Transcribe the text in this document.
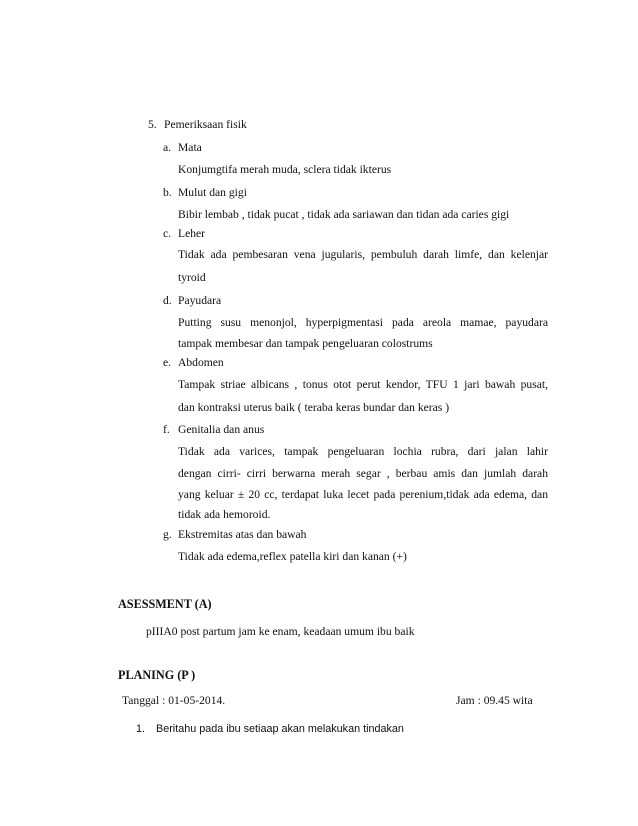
5. Pemeriksaan fisik
a. Mata
Konjumgtifa merah muda, sclera tidak ikterus
b. Mulut dan gigi
Bibir lembab , tidak pucat , tidak ada sariawan dan tidan ada caries gigi
c. Leher
Tidak ada pembesaran vena jugularis, pembuluh darah limfe, dan kelenjar
tyroid
d. Payudara
Putting susu menonjol, hyperpigmentasi pada areola mamae, payudara
tampak membesar dan tampak pengeluaran colostrums
e. Abdomen
Tampak striae albicans , tonus otot perut kendor, TFU 1 jari bawah pusat,
dan kontraksi uterus baik ( teraba keras bundar dan keras )
f. Genitalia dan anus
Tidak ada varices, tampak pengeluaran lochia rubra, dari jalan lahir
dengan cirri- cirri berwarna merah segar , berbau amis dan jumlah darah
yang keluar ± 20 cc, terdapat luka lecet pada perenium,tidak ada edema, dan
tidak ada hemoroid.
g. Ekstremitas atas dan bawah
Tidak ada edema,reflex patella kiri dan kanan (+)
ASESSMENT (A)
pIIIA0 post partum jam ke enam, keadaan umum ibu baik
PLANING (P )
Tanggal : 01-05-2014.	Jam : 09.45 wita
1. Beritahu pada ibu setiaap akan melakukan tindakan
